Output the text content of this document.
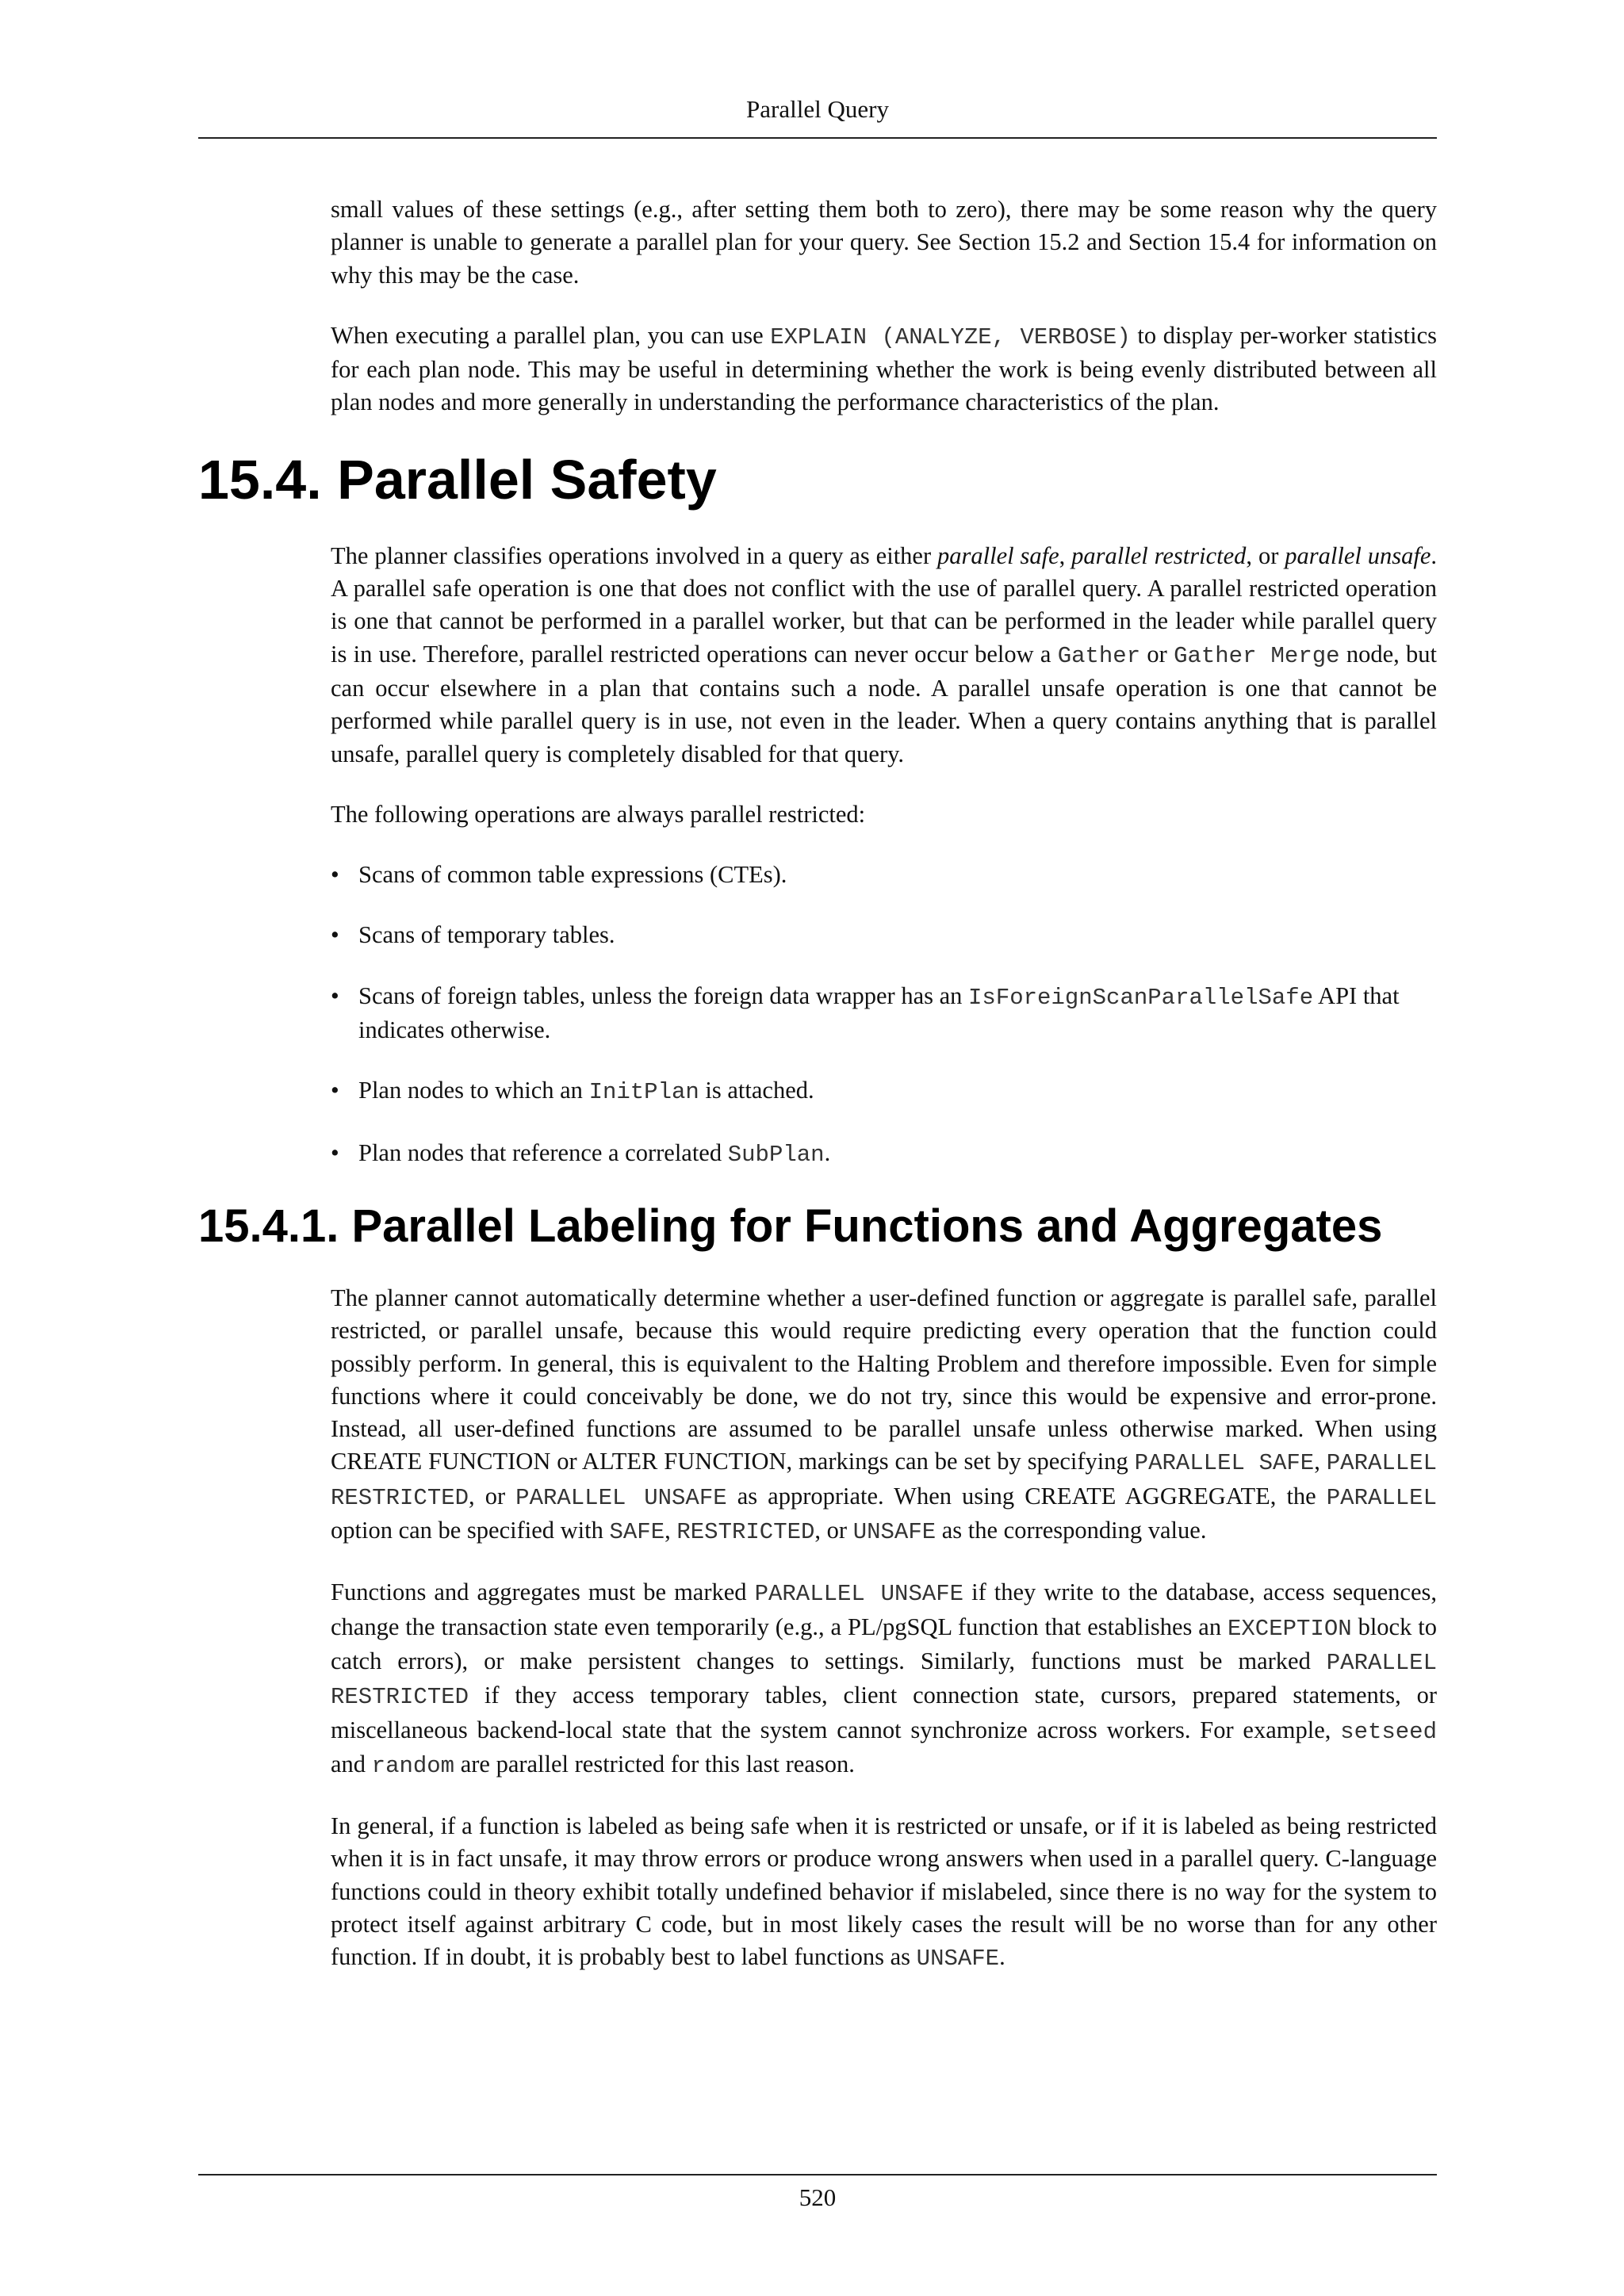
Parallel Query

small values of these settings (e.g., after setting them both to zero), there may be some reason why the query planner is unable to generate a parallel plan for your query. See Section 15.2 and Section 15.4 for information on why this may be the case.

When executing a parallel plan, you can use EXPLAIN (ANALYZE, VERBOSE) to display per-worker statistics for each plan node. This may be useful in determining whether the work is being evenly distributed between all plan nodes and more generally in understanding the performance characteristics of the plan.

15.4. Parallel Safety

The planner classifies operations involved in a query as either parallel safe, parallel restricted, or parallel unsafe. A parallel safe operation is one that does not conflict with the use of parallel query. A parallel restricted operation is one that cannot be performed in a parallel worker, but that can be performed in the leader while parallel query is in use. Therefore, parallel restricted operations can never occur below a Gather or Gather Merge node, but can occur elsewhere in a plan that contains such a node. A parallel unsafe operation is one that cannot be performed while parallel query is in use, not even in the leader. When a query contains anything that is parallel unsafe, parallel query is completely disabled for that query.

The following operations are always parallel restricted:

• Scans of common table expressions (CTEs).
• Scans of temporary tables.
• Scans of foreign tables, unless the foreign data wrapper has an IsForeignScanParallelSafe API that indicates otherwise.
• Plan nodes to which an InitPlan is attached.
• Plan nodes that reference a correlated SubPlan.
15.4.1. Parallel Labeling for Functions and Aggregates

The planner cannot automatically determine whether a user-defined function or aggregate is parallel safe, parallel restricted, or parallel unsafe, because this would require predicting every operation that the function could possibly perform. In general, this is equivalent to the Halting Problem and therefore impossible. Even for simple functions where it could conceivably be done, we do not try, since this would be expensive and error-prone. Instead, all user-defined functions are assumed to be parallel unsafe unless otherwise marked. When using CREATE FUNCTION or ALTER FUNCTION, markings can be set by specifying PARALLEL SAFE, PARALLEL RESTRICTED, or PARALLEL UNSAFE as appropriate. When using CREATE AGGREGATE, the PARALLEL option can be specified with SAFE, RESTRICTED, or UNSAFE as the corresponding value.

Functions and aggregates must be marked PARALLEL UNSAFE if they write to the database, access sequences, change the transaction state even temporarily (e.g., a PL/pgSQL function that establishes an EXCEPTION block to catch errors), or make persistent changes to settings. Similarly, functions must be marked PARALLEL RESTRICTED if they access temporary tables, client connection state, cursors, prepared statements, or miscellaneous backend-local state that the system cannot synchronize across workers. For example, setseed and random are parallel restricted for this last reason.

In general, if a function is labeled as being safe when it is restricted or unsafe, or if it is labeled as being restricted when it is in fact unsafe, it may throw errors or produce wrong answers when used in a parallel query. C-language functions could in theory exhibit totally undefined behavior if mislabeled, since there is no way for the system to protect itself against arbitrary C code, but in most likely cases the result will be no worse than for any other function. If in doubt, it is probably best to label functions as UNSAFE.

520
